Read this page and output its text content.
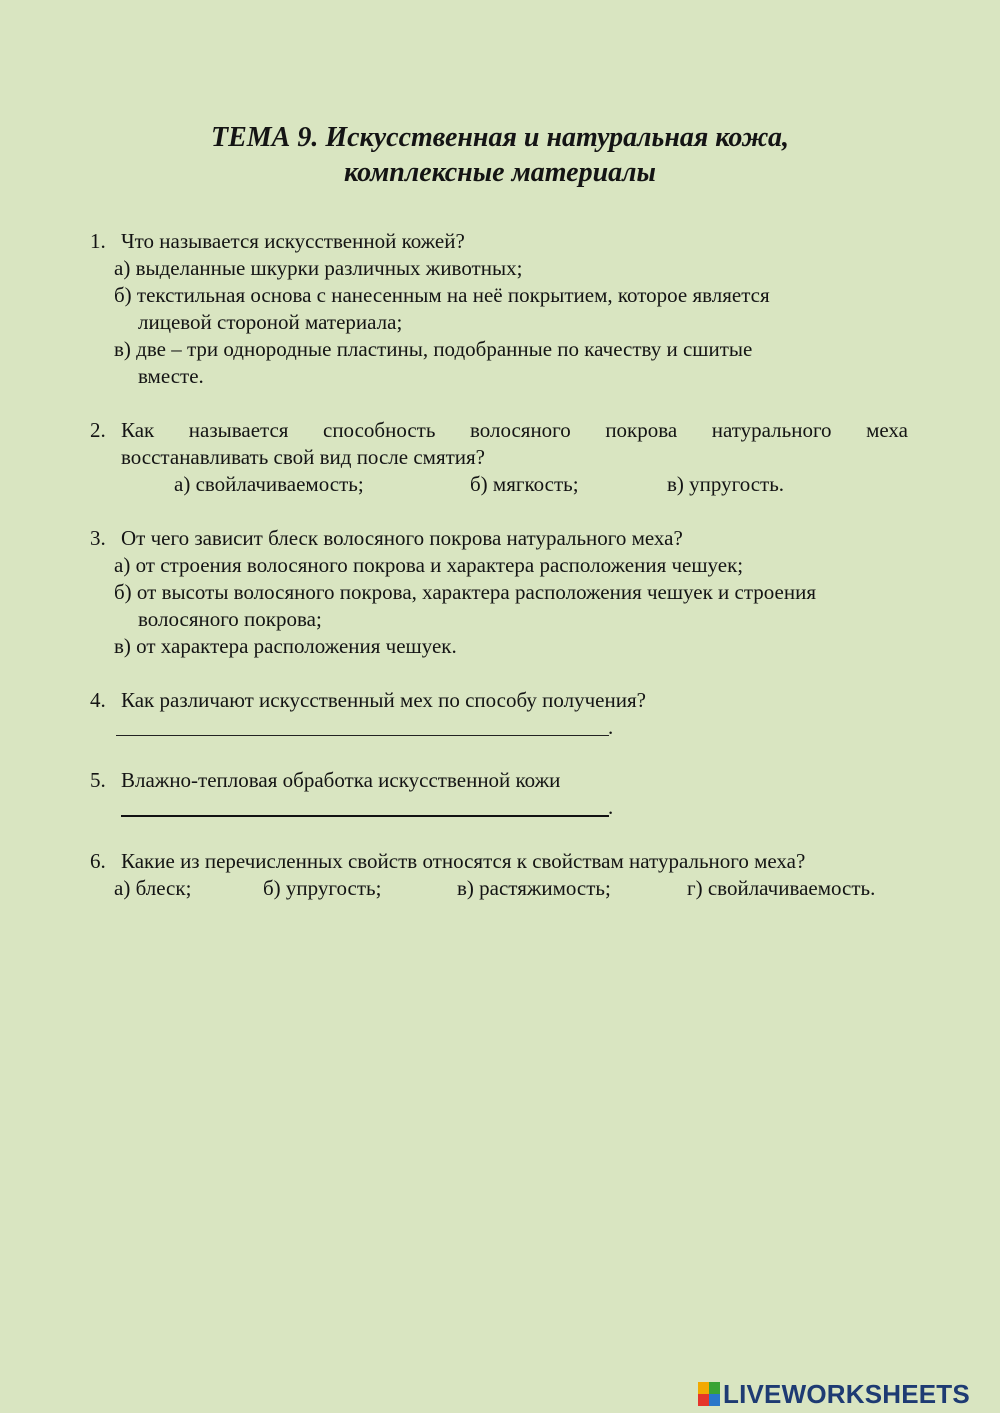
ТЕМА 9. Искусственная и натуральная кожа,
комплексные материалы
1. Что называется искусственной кожей?
а) выделанные шкурки различных животных;
б) текстильная основа с нанесенным на неё покрытием, которое является
лицевой стороной материала;
в) две – три однородные пластины, подобранные по качеству и сшитые
вместе.
2. Как называется способность волосяного покрова натурального меха
восстанавливать свой вид после смятия?
а) свойлачиваемость;	б) мягкость;	в) упругость.
3. От чего зависит блеск волосяного покрова натурального меха?
а) от строения волосяного покрова и характера расположения чешуек;
б) от высоты волосяного покрова, характера расположения чешуек и строения
волосяного покрова;
в) от характера расположения чешуек.
4. Как различают искусственный мех по способу получения?
.
5. Влажно-тепловая обработка искусственной кожи
.
6. Какие из перечисленных свойств относятся к свойствам натурального меха?
а) блеск;	б) упругость;	в) растяжимость;	г) свойлачиваемость.
LIVEWORKSHEETS
